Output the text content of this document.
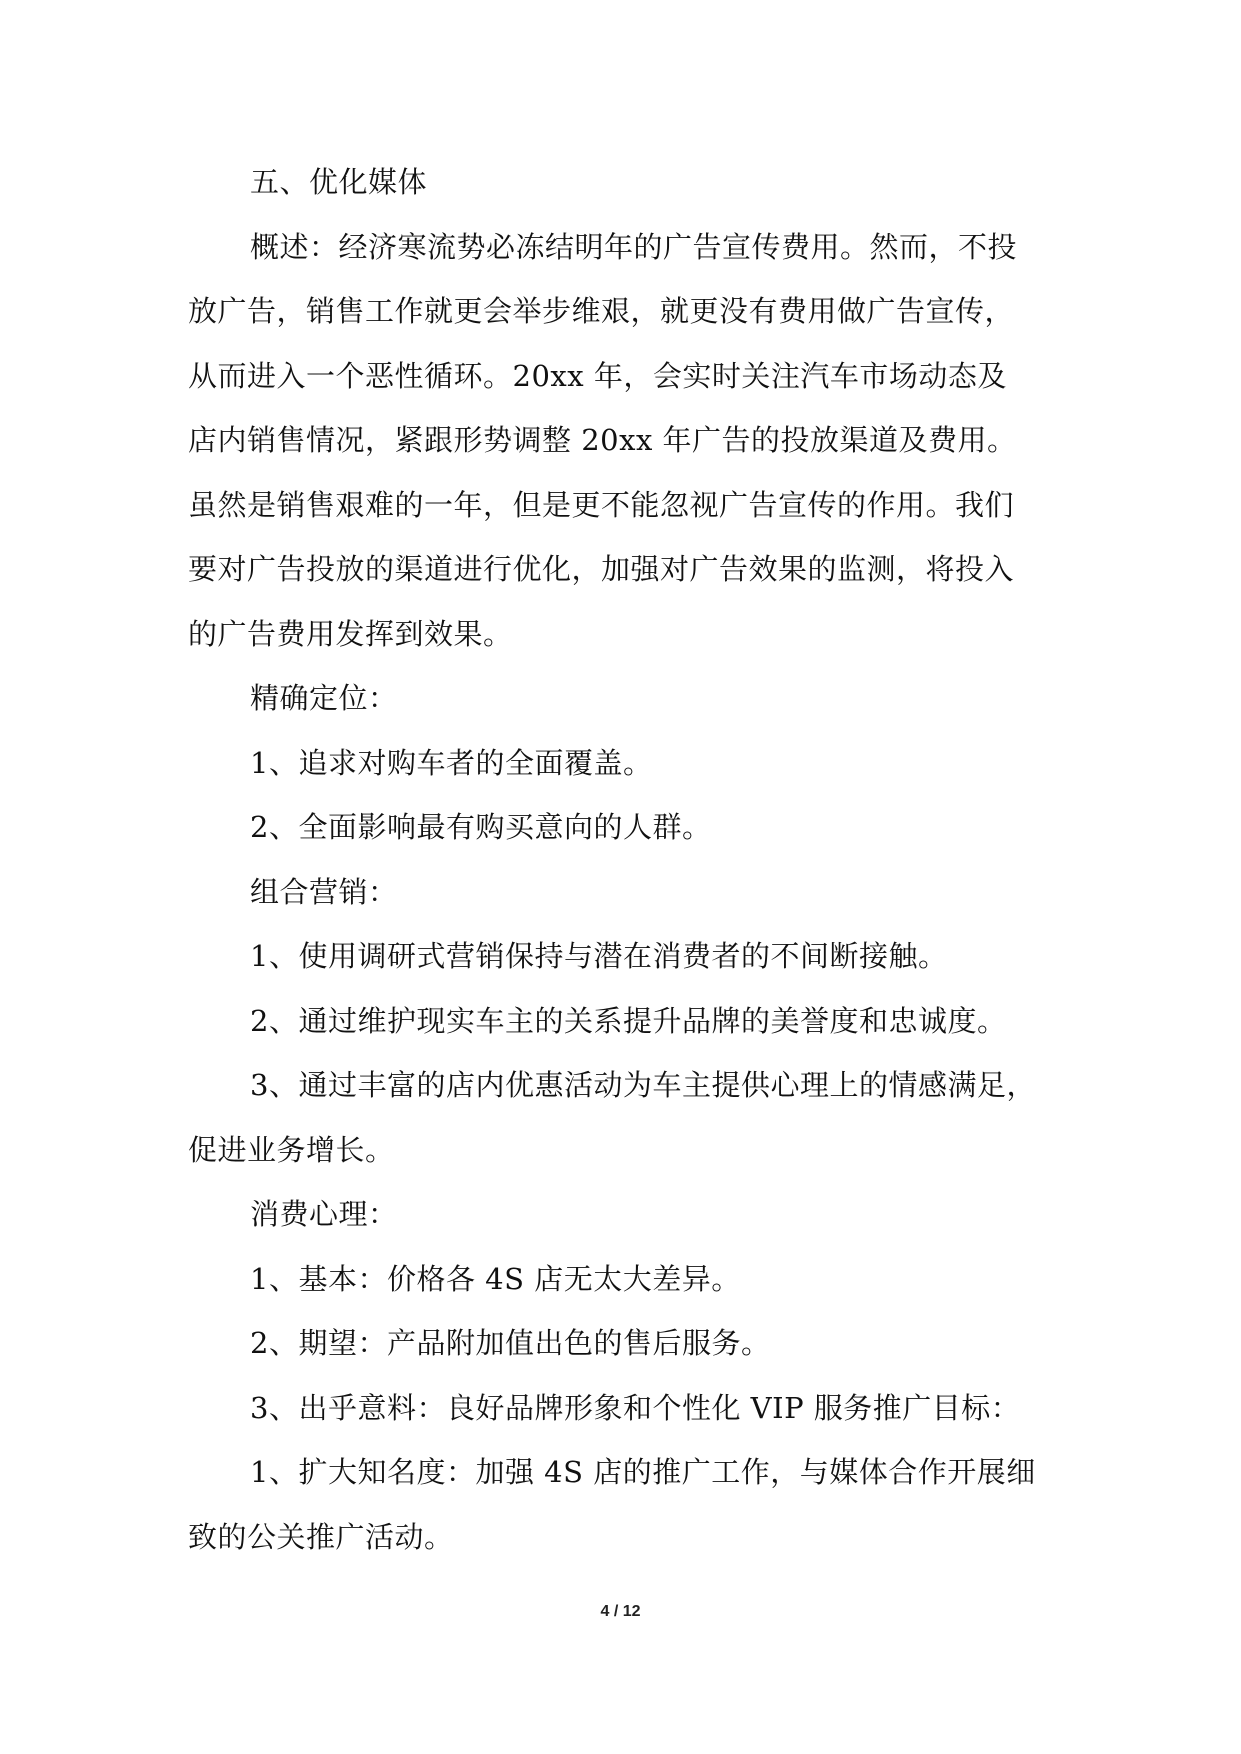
五、优化媒体
概述：经济寒流势必冻结明年的广告宣传费用。然而，不投
放广告，销售工作就更会举步维艰，就更没有费用做广告宣传，
从而进入一个恶性循环。20xx 年，会实时关注汽车市场动态及
店内销售情况，紧跟形势调整 20xx 年广告的投放渠道及费用。
虽然是销售艰难的一年，但是更不能忽视广告宣传的作用。我们
要对广告投放的渠道进行优化，加强对广告效果的监测，将投入
的广告费用发挥到效果。
精确定位：
1、追求对购车者的全面覆盖。
2、全面影响最有购买意向的人群。
组合营销：
1、使用调研式营销保持与潜在消费者的不间断接触。
2、通过维护现实车主的关系提升品牌的美誉度和忠诚度。
3、通过丰富的店内优惠活动为车主提供心理上的情感满足，
促进业务增长。
消费心理：
1、基本：价格各 4S 店无太大差异。
2、期望：产品附加值出色的售后服务。
3、出乎意料：良好品牌形象和个性化 VIP 服务推广目标：
1、扩大知名度：加强 4S 店的推广工作，与媒体合作开展细
致的公关推广活动。
4 / 12
